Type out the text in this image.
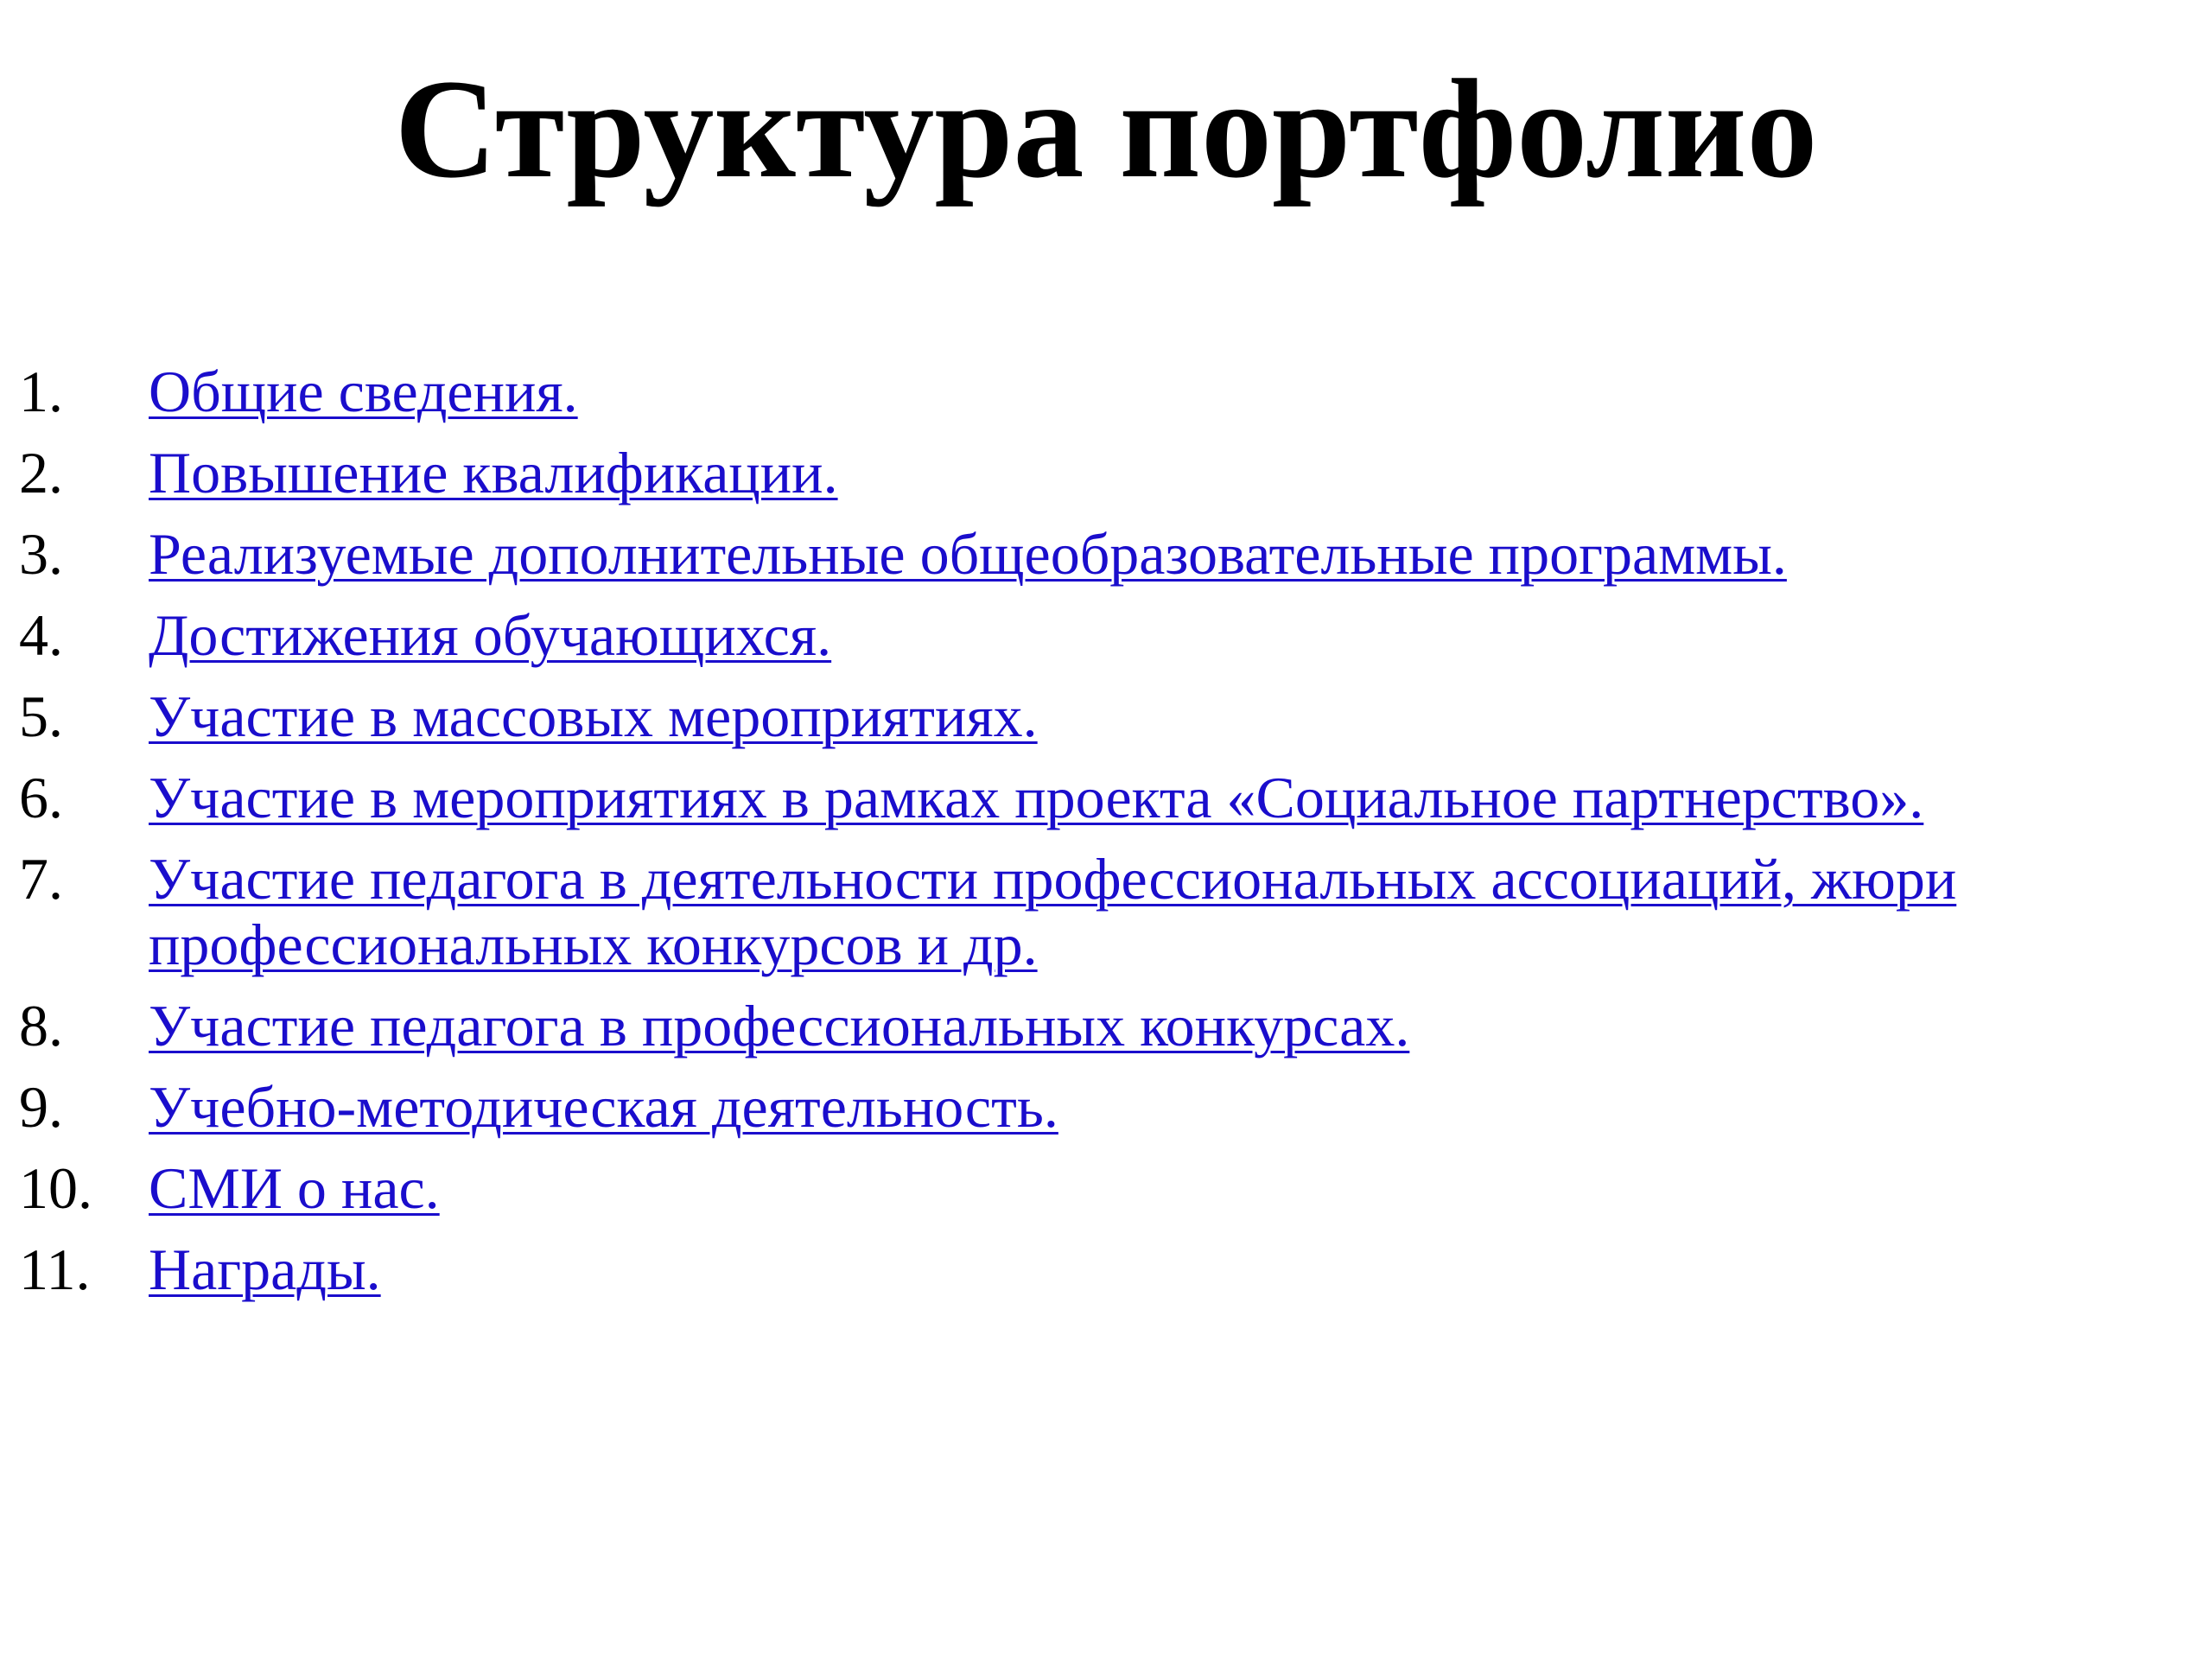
Структура портфолио
1.	Общие сведения.
2.	Повышение квалификации.
3.	Реализуемые дополнительные общеобразовательные программы.
4.	Достижения обучающихся.
5.	Участие в массовых мероприятиях.
6.	Участие в мероприятиях в рамках проекта «Социальное партнерство».
7.	Участие педагога в деятельности профессиональных ассоциаций, жюри профессиональных конкурсов и др.
8.	Участие педагога в профессиональных конкурсах.
9.	Учебно-методическая деятельность.
10. СМИ о нас.
11. Награды.
